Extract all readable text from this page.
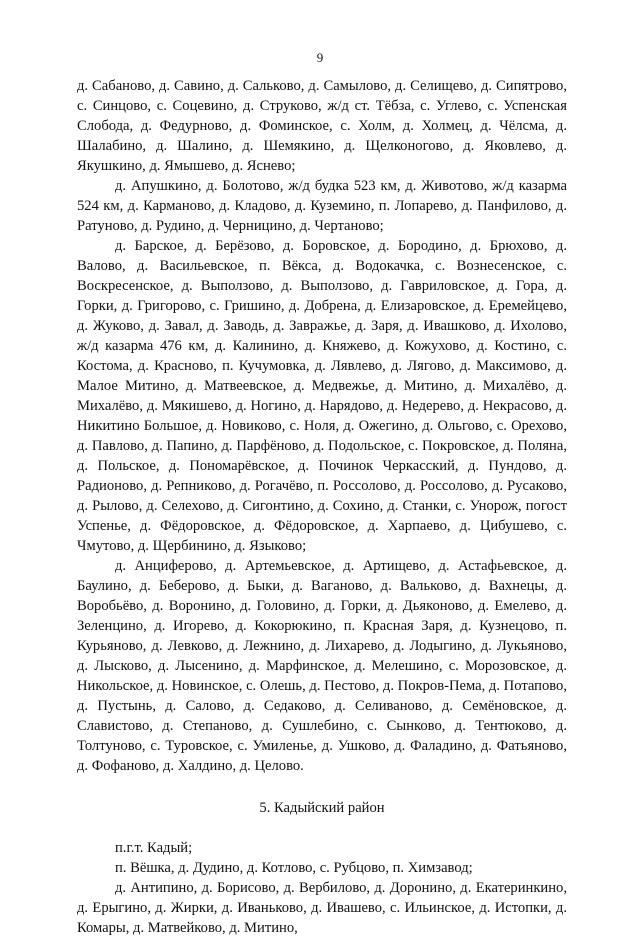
9

д. Сабаново, д. Савино, д. Сальково, д. Самылово, д. Селищево, д. Сипятрово, с. Синцово, с. Соцевино, д. Струково, ж/д ст. Тёбза, с. Углево, с. Успенская Слобода, д. Федурново, д. Фоминское, с. Холм, д. Холмец, д. Чёлсма, д. Шалабино, д. Шалино, д. Шемякино, д. Щелконогово, д. Яковлево, д. Якушкино, д. Ямышево, д. Яснево;

д. Апушкино, д. Болотово, ж/д будка 523 км, д. Животово, ж/д казарма 524 км, д. Карманово, д. Кладово, д. Куземино, п. Лопарево, д. Панфилово, д. Ратуново, д. Рудино, д. Черницино, д. Чертаново;

д. Барское, д. Берёзово, д. Боровское, д. Бородино, д. Брюхово, д. Валово, д. Васильевское, п. Вёкса, д. Водокачка, с. Вознесенское, с. Воскресенское, д. Выползово, д. Выползово, д. Гавриловское, д. Гора, д. Горки, д. Григорово, с. Гришино, д. Добрена, д. Елизаровское, д. Еремейцево, д. Жуково, д. Завал, д. Заводь, д. Завражье, д. Заря, д. Ивашково, д. Ихолово, ж/д казарма 476 км, д. Калинино, д. Княжево, д. Кожухово, д. Костино, с. Костома, д. Красново, п. Кучумовка, д. Лявлево, д. Лягово, д. Максимово, д. Малое Митино, д. Матвеевское, д. Медвежье, д. Митино, д. Михалёво, д. Михалёво, д. Мякишево, д. Ногино, д. Нарядово, д. Недерево, д. Некрасово, д. Никитино Большое, д. Новиково, с. Ноля, д. Ожегино, д. Ольгово, с. Орехово, д. Павлово, д. Папино, д. Парфёново, д. Подольское, с. Покровское, д. Поляна, д. Польское, д. Пономарёвское, д. Починок Черкасский, д. Пундово, д. Радионово, д. Репниково, д. Рогачёво, п. Россолово, д. Россолово, д. Русаково, д. Рылово, д. Селехово, д. Сигонтино, д. Сохино, д. Станки, с. Унорож, погост Успенье, д. Фёдоровское, д. Фёдоровское, д. Харпаево, д. Цибушево, с. Чмутово, д. Щербинино, д. Языково;

д. Анциферово, д. Артемьевское, д. Артищево, д. Астафьевское, д. Баулино, д. Беберово, д. Быки, д. Ваганово, д. Вальково, д. Вахнецы, д. Воробьёво, д. Воронино, д. Головино, д. Горки, д. Дьяконово, д. Емелево, д. Зеленцино, д. Игорево, д. Кокорюкино, п. Красная Заря, д. Кузнецово, п. Курьяново, д. Левково, д. Лежнино, д. Лихарево, д. Лодыгино, д. Лукьяново, д. Лысково, д. Лысенино, д. Марфинское, д. Мелешино, с. Морозовское, д. Никольское, д. Новинское, с. Олешь, д. Пестово, д. Покров-Пема, д. Потапово, д. Пустынь, д. Салово, д. Седаково, д. Селиваново, д. Семёновское, д. Славистово, д. Степаново, д. Сушлебино, с. Сынково, д. Тентюково, д. Толтуново, с. Туровское, с. Умиленье, д. Ушково, д. Фаладино, д. Фатьяново, д. Фофаново, д. Халдино, д. Целово.

5. Кадыйский район

п.г.т. Кадый;

п. Вёшка, д. Дудино, д. Котлово, с. Рубцово, п. Химзавод;

д. Антипино, д. Борисово, д. Вербилово, д. Доронино, д. Екатеринкино, д. Ерыгино, д. Жирки, д. Иваньково, д. Ивашево, с. Ильинское, д. Истопки, д. Комары, д. Матвейково, д. Митино,
